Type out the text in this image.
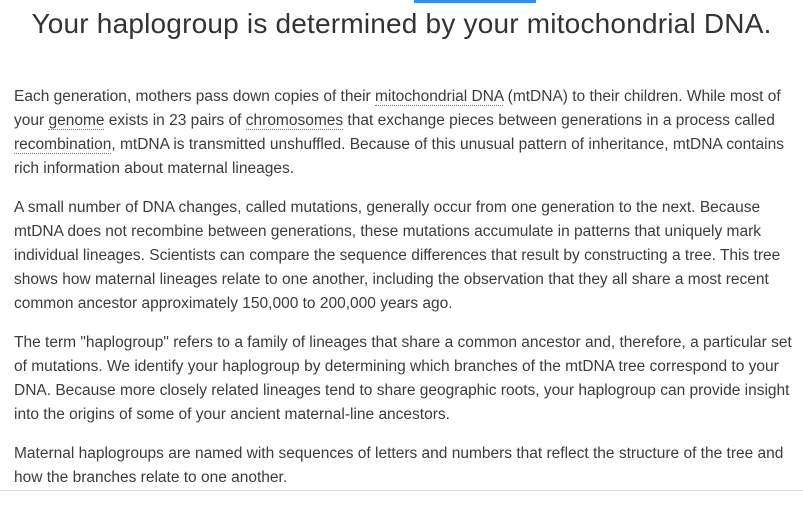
Your haplogroup is determined by your mitochondrial DNA.

Each generation, mothers pass down copies of their mitochondrial DNA (mtDNA) to their children. While most of your genome exists in 23 pairs of chromosomes that exchange pieces between generations in a process called recombination, mtDNA is transmitted unshuffled. Because of this unusual pattern of inheritance, mtDNA contains rich information about maternal lineages.

A small number of DNA changes, called mutations, generally occur from one generation to the next. Because mtDNA does not recombine between generations, these mutations accumulate in patterns that uniquely mark individual lineages. Scientists can compare the sequence differences that result by constructing a tree. This tree shows how maternal lineages relate to one another, including the observation that they all share a most recent common ancestor approximately 150,000 to 200,000 years ago.

The term "haplogroup" refers to a family of lineages that share a common ancestor and, therefore, a particular set of mutations. We identify your haplogroup by determining which branches of the mtDNA tree correspond to your DNA. Because more closely related lineages tend to share geographic roots, your haplogroup can provide insight into the origins of some of your ancient maternal-line ancestors.

Maternal haplogroups are named with sequences of letters and numbers that reflect the structure of the tree and how the branches relate to one another.
